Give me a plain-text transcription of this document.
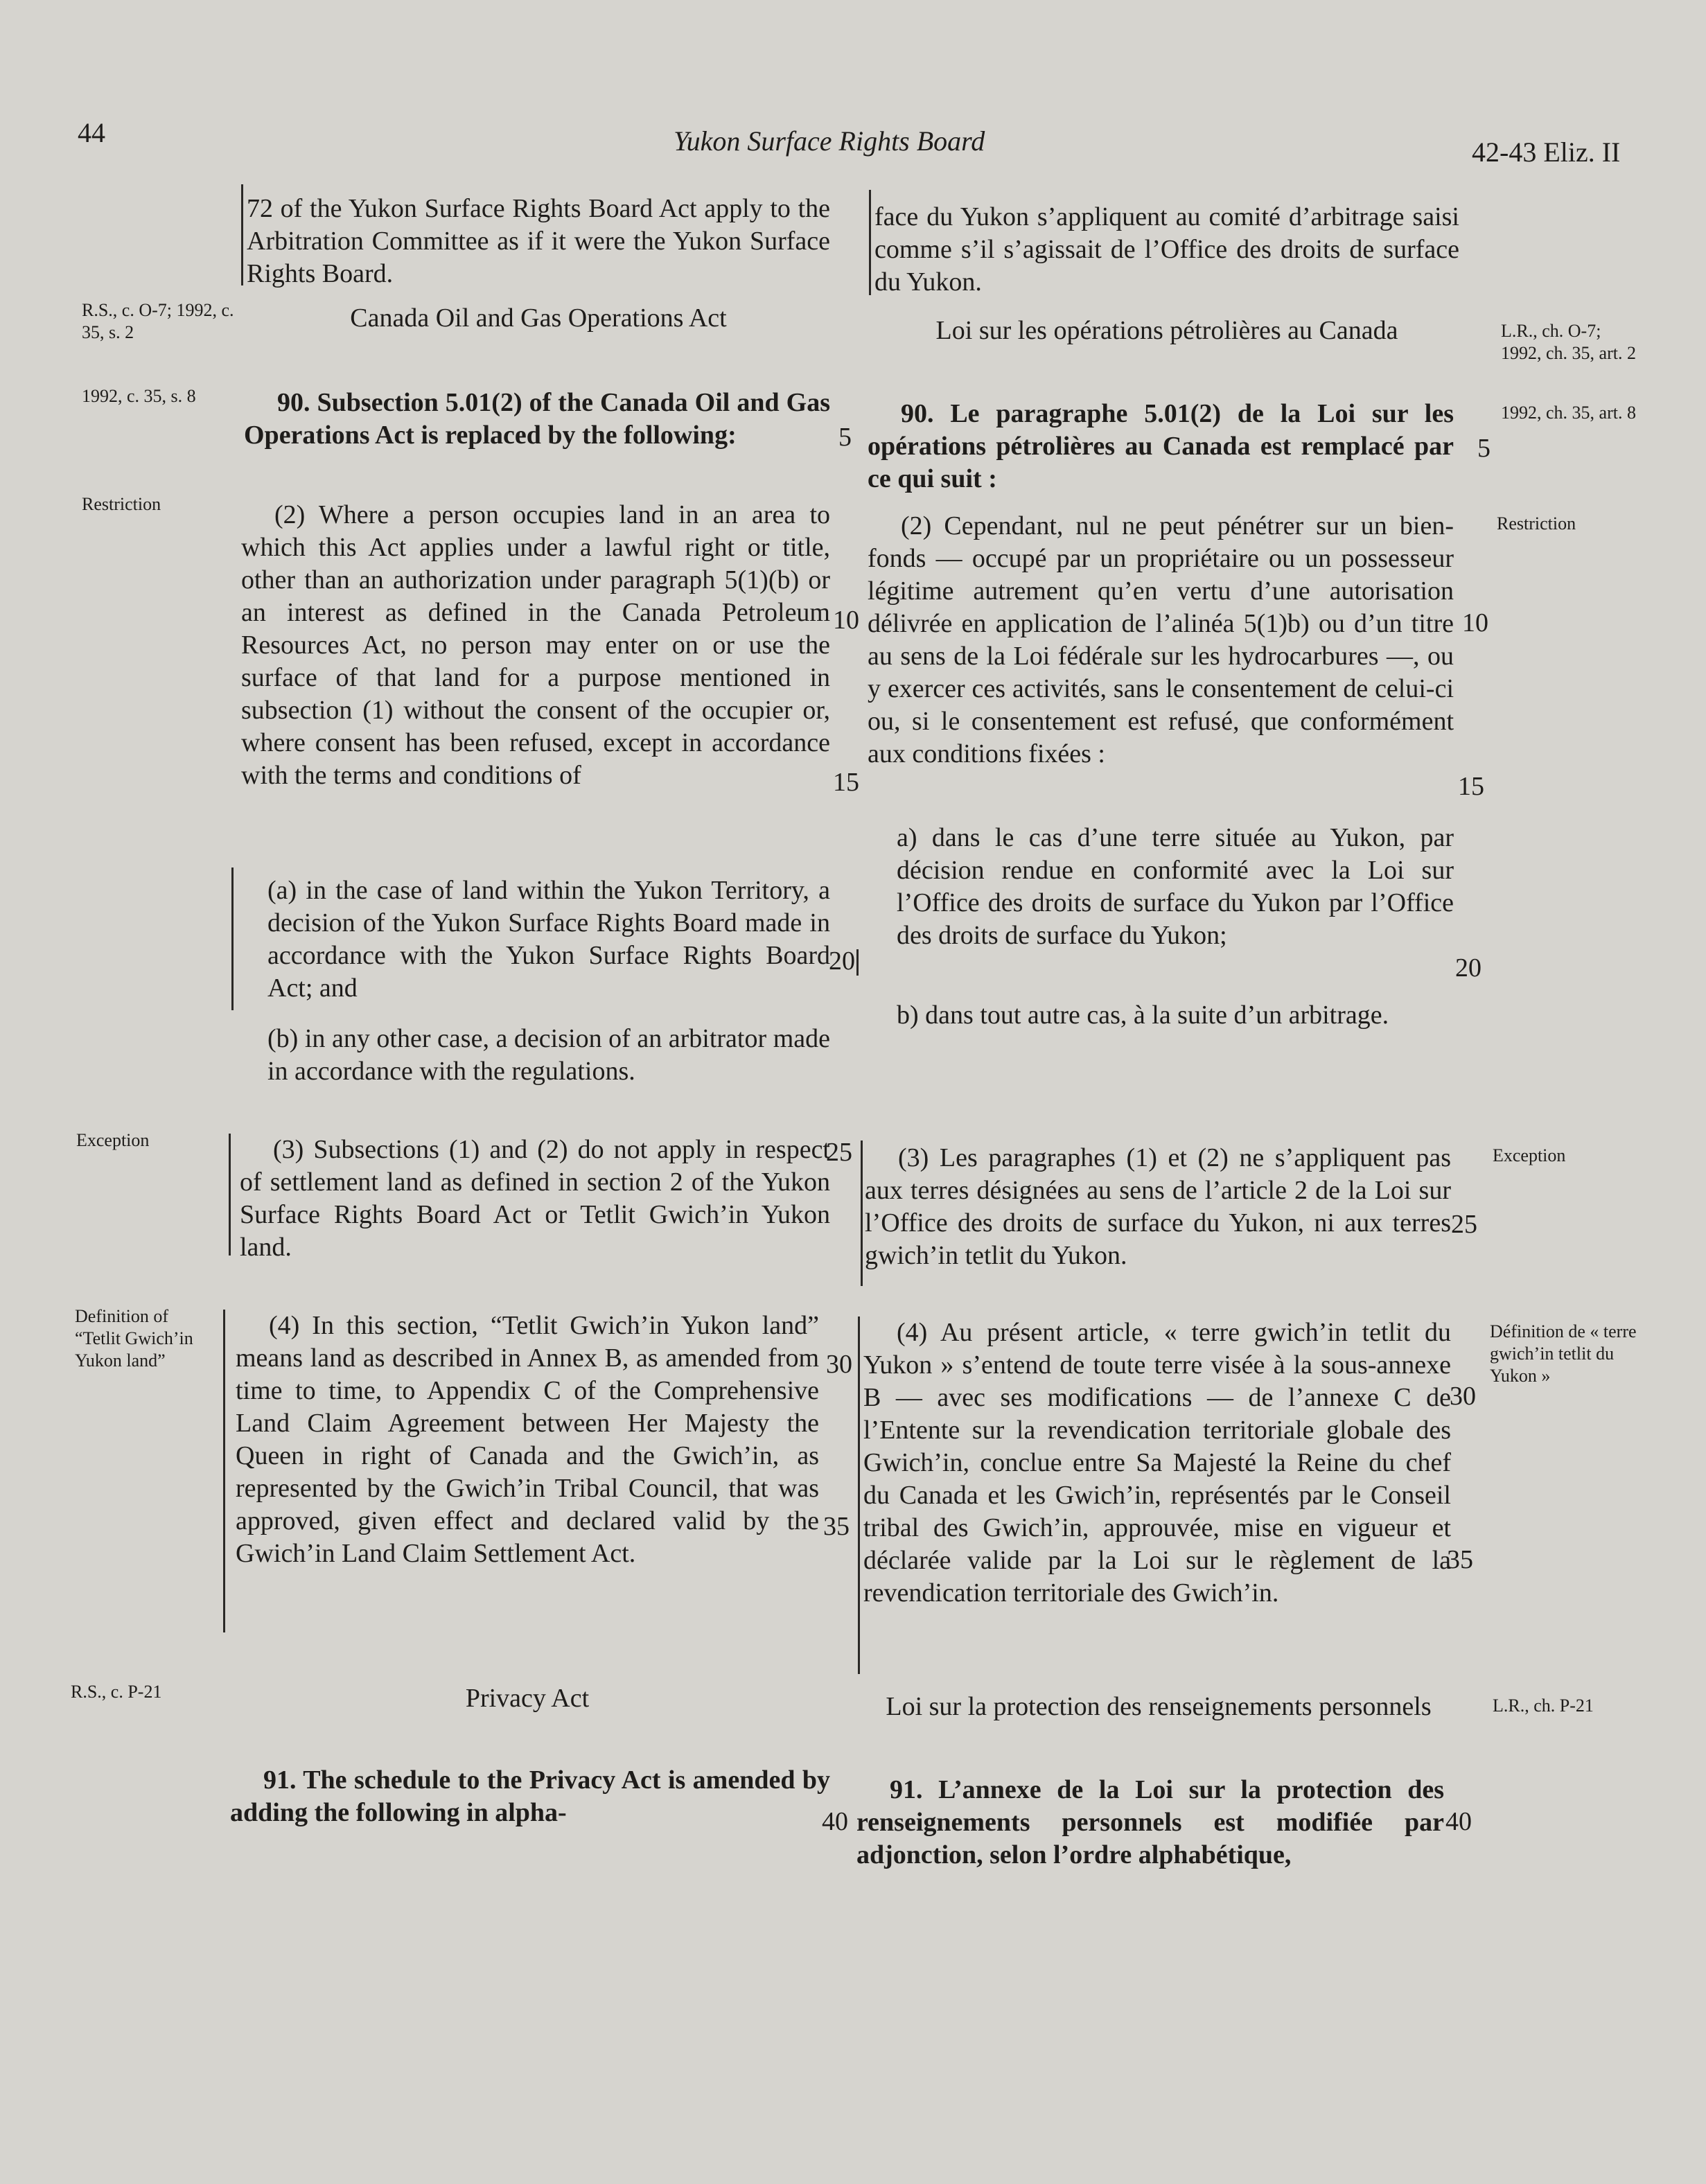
44	Yukon Surface Rights Board	42-43 Eliz. II
R.S., c. O-7; 1992, c. 35, s. 2
1992, c. 35, s. 8
Restriction
Exception
Definition of “Tetlit Gwich’in Yukon land”
R.S., c. P-21
L.R., ch. O-7; 1992, ch. 35, art. 2
1992, ch. 35, art. 8
Restriction
Exception
Définition de « terre gwich’in tetlit du Yukon »
L.R., ch. P-21
72 of the Yukon Surface Rights Board Act apply to the Arbitration Committee as if it were the Yukon Surface Rights Board.
Canada Oil and Gas Operations Act

90. Subsection 5.01(2) of the Canada Oil and Gas Operations Act is replaced by the following:

(2) Where a person occupies land in an area to which this Act applies under a lawful right or title, other than an authorization under paragraph 5(1)(b) or an interest as defined in the Canada Petroleum Resources Act, no person may enter on or use the surface of that land for a purpose mentioned in subsection (1) without the consent of the occupier or, where consent has been refused, except in accordance with the terms and conditions of

(a) in the case of land within the Yukon Territory, a decision of the Yukon Surface Rights Board made in accordance with the Yukon Surface Rights Board Act; and
(b) in any other case, a decision of an arbitrator made in accordance with the regulations.

(3) Subsections (1) and (2) do not apply in respect of settlement land as defined in section 2 of the Yukon Surface Rights Board Act or Tetlit Gwich’in Yukon land.

(4) In this section, “Tetlit Gwich’in Yukon land” means land as described in Annex B, as amended from time to time, to Appendix C of the Comprehensive Land Claim Agreement between Her Majesty the Queen in right of Canada and the Gwich’in, as represented by the Gwich’in Tribal Council, that was approved, given effect and declared valid by the Gwich’in Land Claim Settlement Act.

Privacy Act

91. The schedule to the Privacy Act is amended by adding the following in alpha-

face du Yukon s’appliquent au comité d’arbitrage saisi comme s’il s’agissait de l’Office des droits de surface du Yukon.
Loi sur les opérations pétrolières au Canada

90. Le paragraphe 5.01(2) de la Loi sur les opérations pétrolières au Canada est remplacé par ce qui suit :

(2) Cependant, nul ne peut pénétrer sur un bien-fonds — occupé par un propriétaire ou un possesseur légitime autrement qu’en vertu d’une autorisation délivrée en application de l’alinéa 5(1)b) ou d’un titre au sens de la Loi fédérale sur les hydrocarbures —, ou y exercer ces activités, sans le consentement de celui-ci ou, si le consentement est refusé, que conformément aux conditions fixées :

a) dans le cas d’une terre située au Yukon, par décision rendue en conformité avec la Loi sur l’Office des droits de surface du Yukon par l’Office des droits de surface du Yukon;
b) dans tout autre cas, à la suite d’un arbitrage.

(3) Les paragraphes (1) et (2) ne s’appliquent pas aux terres désignées au sens de l’article 2 de la Loi sur l’Office des droits de surface du Yukon, ni aux terres gwich’in tetlit du Yukon.

(4) Au présent article, « terre gwich’in tetlit du Yukon » s’entend de toute terre visée à la sous-annexe B — avec ses modifications — de l’annexe C de l’Entente sur la revendication territoriale globale des Gwich’in, conclue entre Sa Majesté la Reine du chef du Canada et les Gwich’in, représentés par le Conseil tribal des Gwich’in, approuvée, mise en vigueur et déclarée valide par la Loi sur le règlement de la revendication territoriale des Gwich’in.

Loi sur la protection des renseignements personnels

91. L’annexe de la Loi sur la protection des renseignements personnels est modifiée par adjonction, selon l’ordre alphabétique,

5
10
15
20
25
30
35
40
5
10
15
20
25
30
35
40
